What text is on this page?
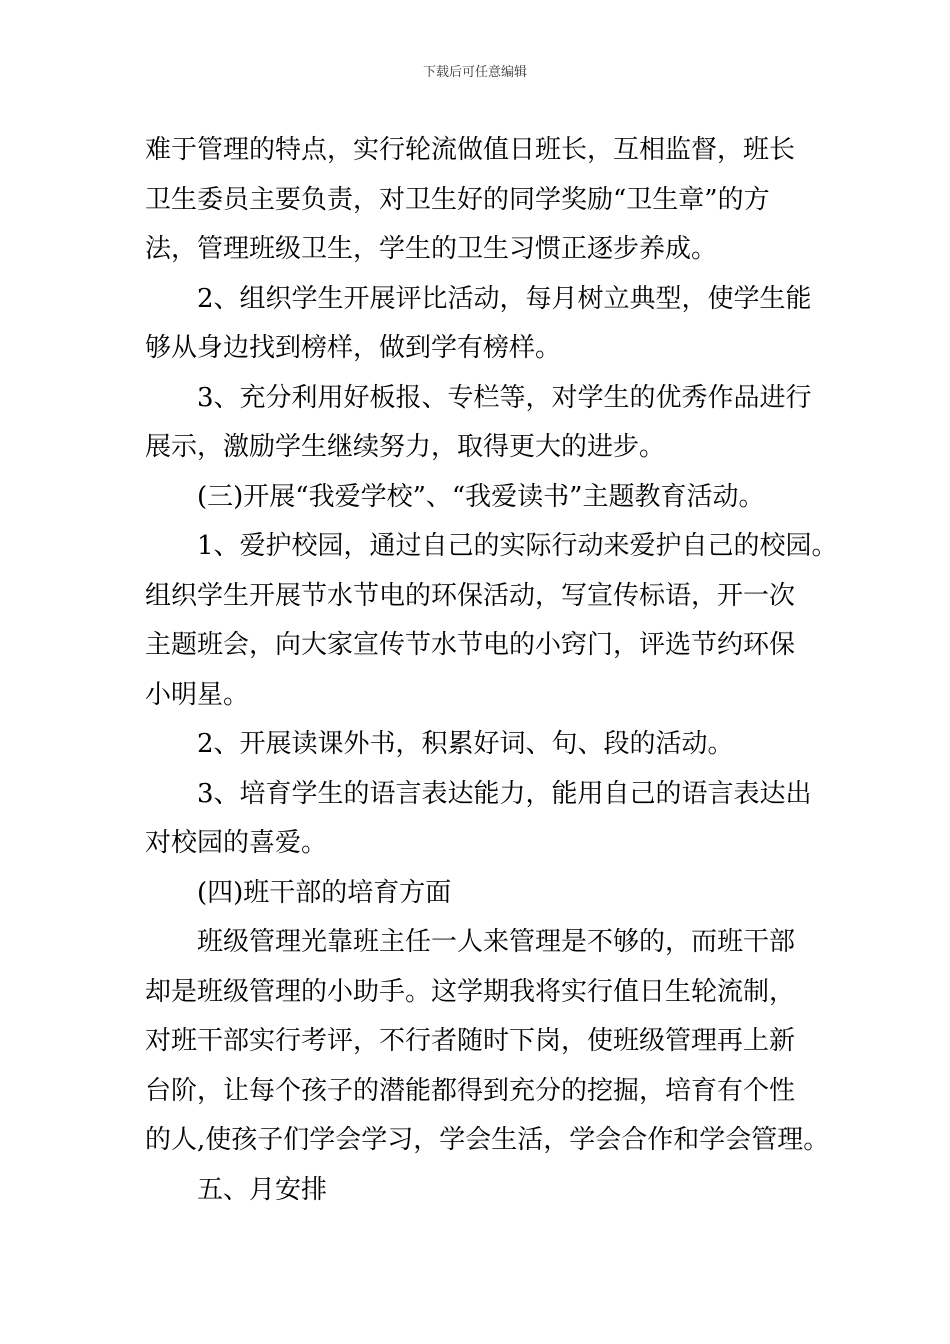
下载后可任意编辑
难于管理的特点，实行轮流做值日班长，互相监督，班长
卫生委员主要负责，对卫生好的同学奖励“卫生章”的方
法，管理班级卫生，学生的卫生习惯正逐步养成。
2、组织学生开展评比活动，每月树立典型，使学生能
够从身边找到榜样，做到学有榜样。
3、充分利用好板报、专栏等，对学生的优秀作品进行
展示，激励学生继续努力，取得更大的进步。
(三)开展“我爱学校”、“我爱读书”主题教育活动。
1、爱护校园，通过自己的实际行动来爱护自己的校园。
组织学生开展节水节电的环保活动，写宣传标语，开一次
主题班会，向大家宣传节水节电的小窍门，评选节约环保
小明星。
2、开展读课外书，积累好词、句、段的活动。
3、培育学生的语言表达能力，能用自己的语言表达出
对校园的喜爱。
(四)班干部的培育方面
班级管理光靠班主任一人来管理是不够的，而班干部
却是班级管理的小助手。这学期我将实行值日生轮流制，
对班干部实行考评，不行者随时下岗，使班级管理再上新
台阶，让每个孩子的潜能都得到充分的挖掘，培育有个性
的人,使孩子们学会学习，学会生活，学会合作和学会管理。
五、月安排
